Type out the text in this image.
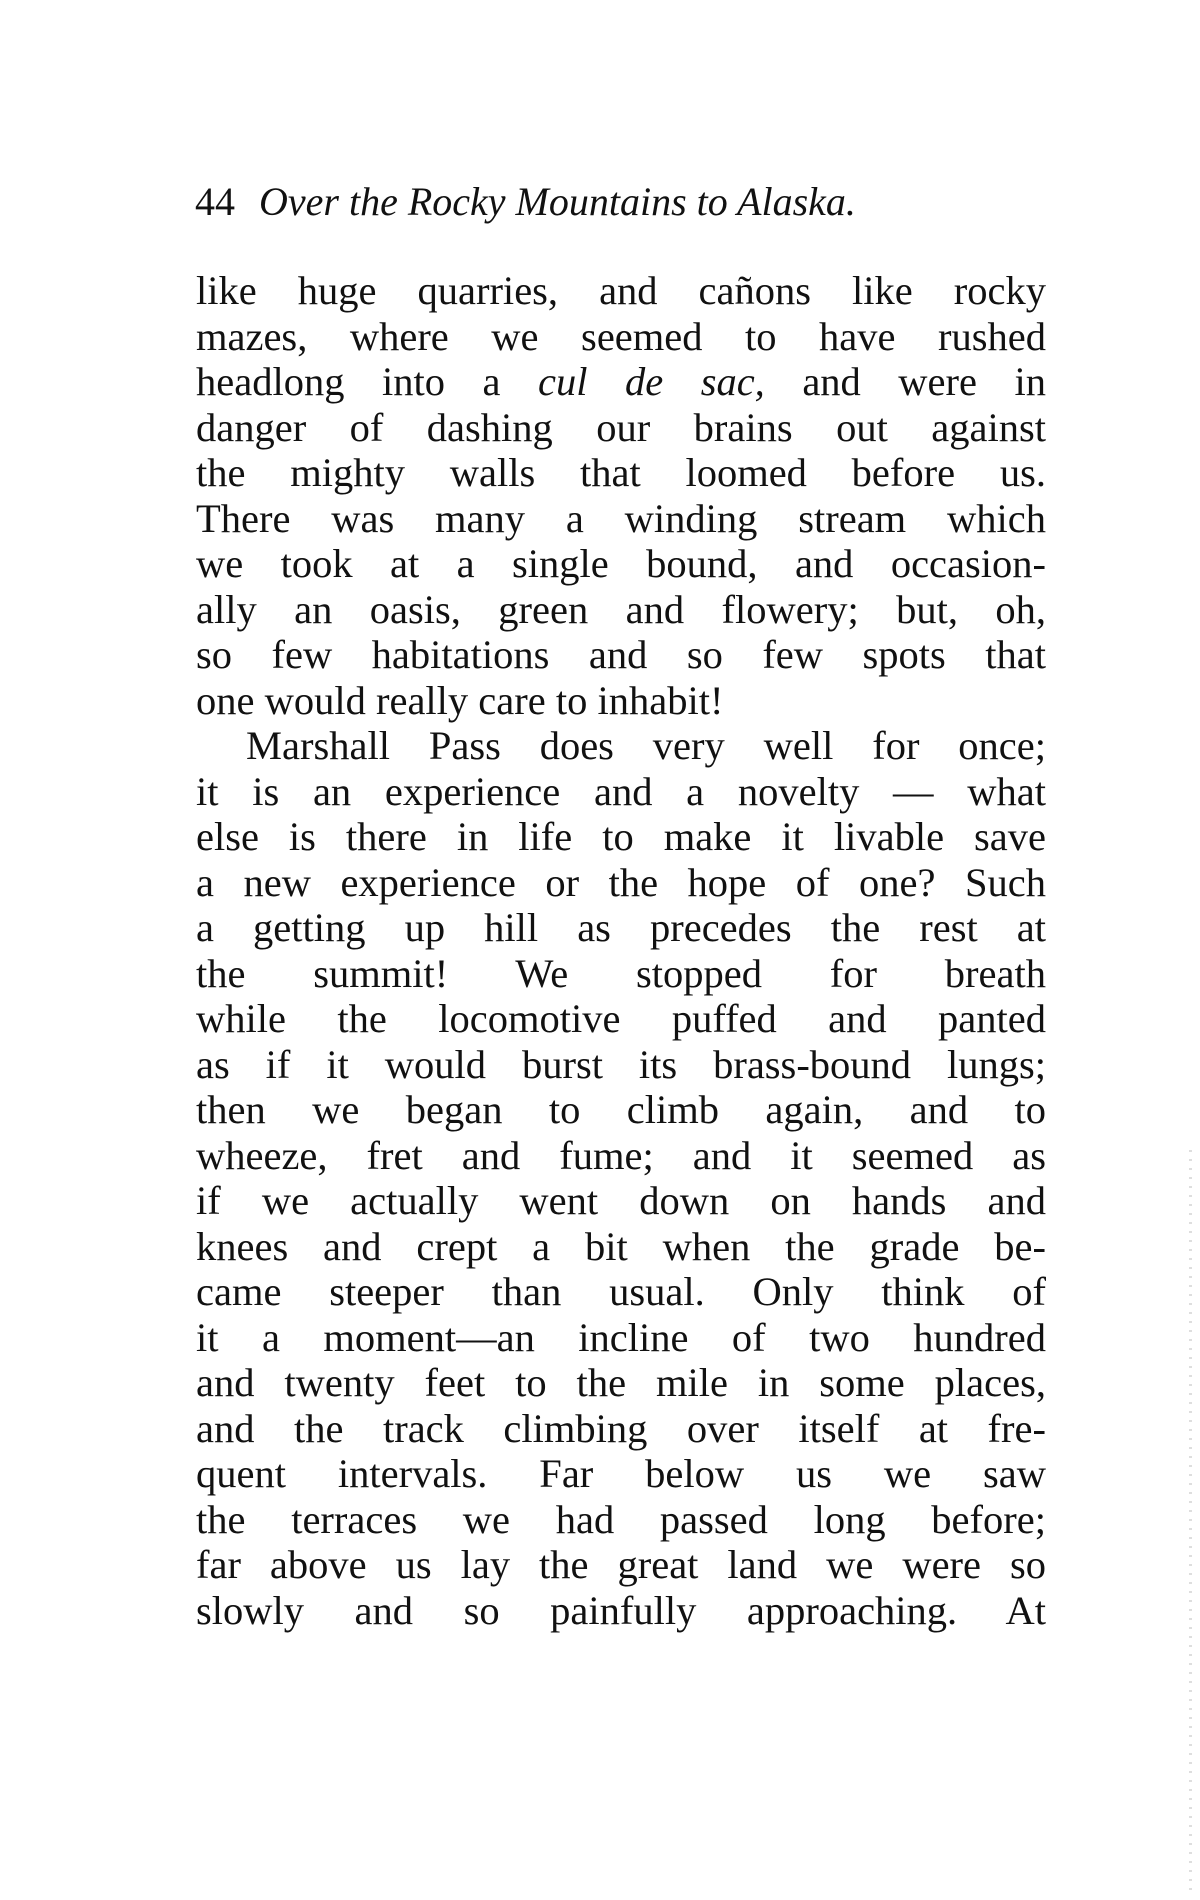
44 Over the Rocky Mountains to Alaska.
like huge quarries, and cañons like rocky
mazes, where we seemed to have rushed
headlong into a cul de sac, and were in
danger of dashing our brains out against
the mighty walls that loomed before us.
There was many a winding stream which
we took at a single bound, and occasion-
ally an oasis, green and flowery; but, oh,
so few habitations and so few spots that
one would really care to inhabit!
Marshall Pass does very well for once;
it is an experience and a novelty — what
else is there in life to make it livable save
a new experience or the hope of one? Such
a getting up hill as precedes the rest at
the summit! We stopped for breath
while the locomotive puffed and panted
as if it would burst its brass-bound lungs;
then we began to climb again, and to
wheeze, fret and fume; and it seemed as
if we actually went down on hands and
knees and crept a bit when the grade be-
came steeper than usual. Only think of
it a moment—an incline of two hundred
and twenty feet to the mile in some places,
and the track climbing over itself at fre-
quent intervals. Far below us we saw
the terraces we had passed long before;
far above us lay the great land we were so
slowly and so painfully approaching. At
